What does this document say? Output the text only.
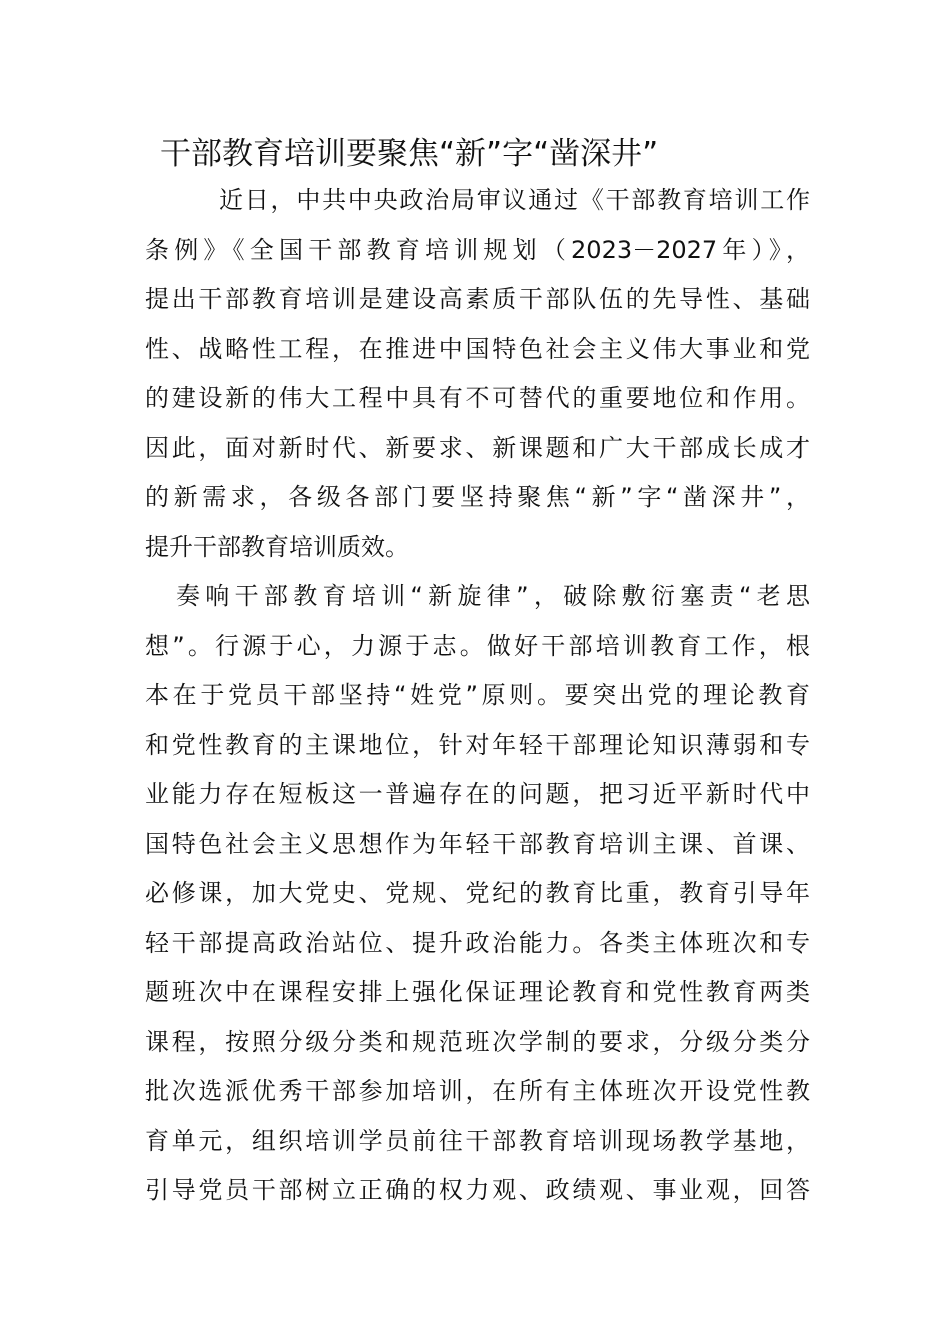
干部教育培训要聚焦“新”字“凿深井”
近日，中共中央政治局审议通过《干部教育培训工作
条例》《全国干部教育培训规划（2023－2027年）》，
提出干部教育培训是建设高素质干部队伍的先导性、基础
性、战略性工程，在推进中国特色社会主义伟大事业和党
的建设新的伟大工程中具有不可替代的重要地位和作用。
因此，面对新时代、新要求、新课题和广大干部成长成才
的新需求，各级各部门要坚持聚焦“新”字“凿深井”，
提升干部教育培训质效。
奏响干部教育培训“新旋律”，破除敷衍塞责“老思
想”。行源于心，力源于志。做好干部培训教育工作，根
本在于党员干部坚持“姓党”原则。要突出党的理论教育
和党性教育的主课地位，针对年轻干部理论知识薄弱和专
业能力存在短板这一普遍存在的问题，把习近平新时代中
国特色社会主义思想作为年轻干部教育培训主课、首课、
必修课，加大党史、党规、党纪的教育比重，教育引导年
轻干部提高政治站位、提升政治能力。各类主体班次和专
题班次中在课程安排上强化保证理论教育和党性教育两类
课程，按照分级分类和规范班次学制的要求，分级分类分
批次选派优秀干部参加培训，在所有主体班次开设党性教
育单元，组织培训学员前往干部教育培训现场教学基地，
引导党员干部树立正确的权力观、政绩观、事业观，回答
